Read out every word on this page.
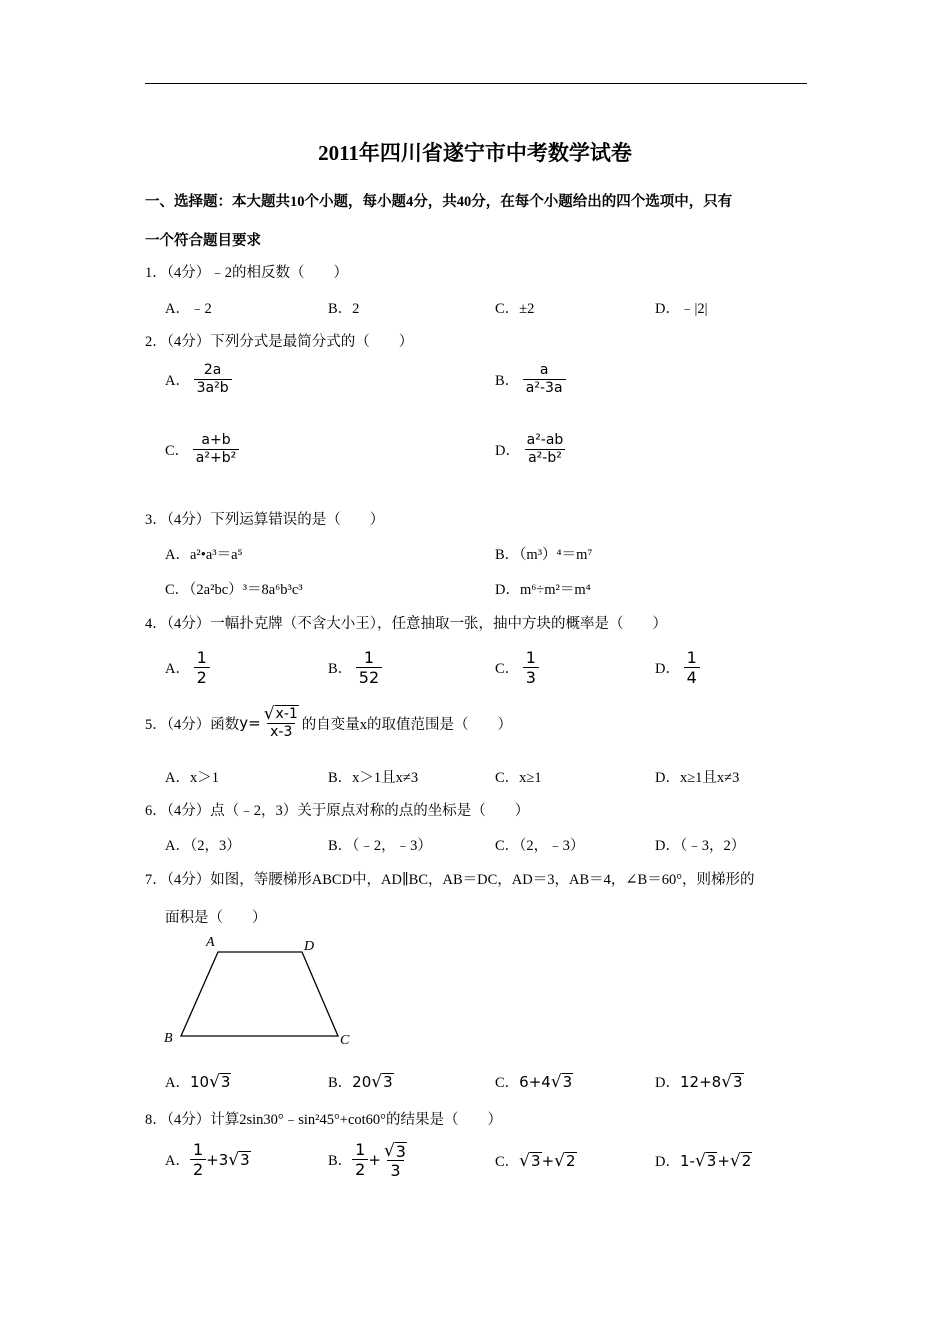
2011年四川省遂宁市中考数学试卷
一、选择题：本大题共10个小题，每小题4分，共40分，在每个小题给出的四个选项中，只有
一个符合题目要求
1．（4分）﹣2的相反数（　　）
A．﹣2	B．2	C．±2	D．﹣|2|
2．（4分）下列分式是最简分式的（　　）
A． $\frac{2a}{\text{3a²b}}$	B． $\frac{a}{\text{a²-3a}}$
C． $\frac{a+b}{\text{a²+b²}}$	D． $\frac{\text{a²-ab}}{\text{a²-b²}}$
3．（4分）下列运算错误的是（　　）
A．a²•a³＝a⁵	B．（m³）⁴＝m⁷
C．（2a²bc）³＝8a⁶b³c³	D．m⁶÷m²＝m⁴
4．（4分）一幅扑克牌（不含大小王），任意抽取一张，抽中方块的概率是（　　）
A． $\frac{1}{2}$	B． $\frac{1}{52}$	C． $\frac{1}{3}$	D． $\frac{1}{4}$
5．（4分）函数$y= \frac{√ x-1}{x-3}$ 的自变量x的取值范围是（　　）
A．x＞1	B．x＞1且x≠3	C．x≥1	D．x≥1且x≠3
6．（4分）点（﹣2，3）关于原点对称的点的坐标是（　　）
A．（2，3）	B．（﹣2，﹣3）	C．（2，﹣3）	D．（﹣3，2）
7．（4分）如图，等腰梯形ABCD中，AD∥BC，AB＝DC，AD＝3，AB＝4，∠B＝60°，则梯形的
面积是（　　）
A	D
B	C
A．10 √ 3	B．20 √ 3	C．6+4 √ 3	D．12+8 √ 3
8．（4分）计算2sin30°﹣sin²45°+cot60°的结果是（　　）
A． $\frac{1}{2} +3$ √ 3	B． $\frac{1}{2} + \frac{√ 3}{3}$	C． √ 3 + √ 2	D．1- √ 3 + √ 2
